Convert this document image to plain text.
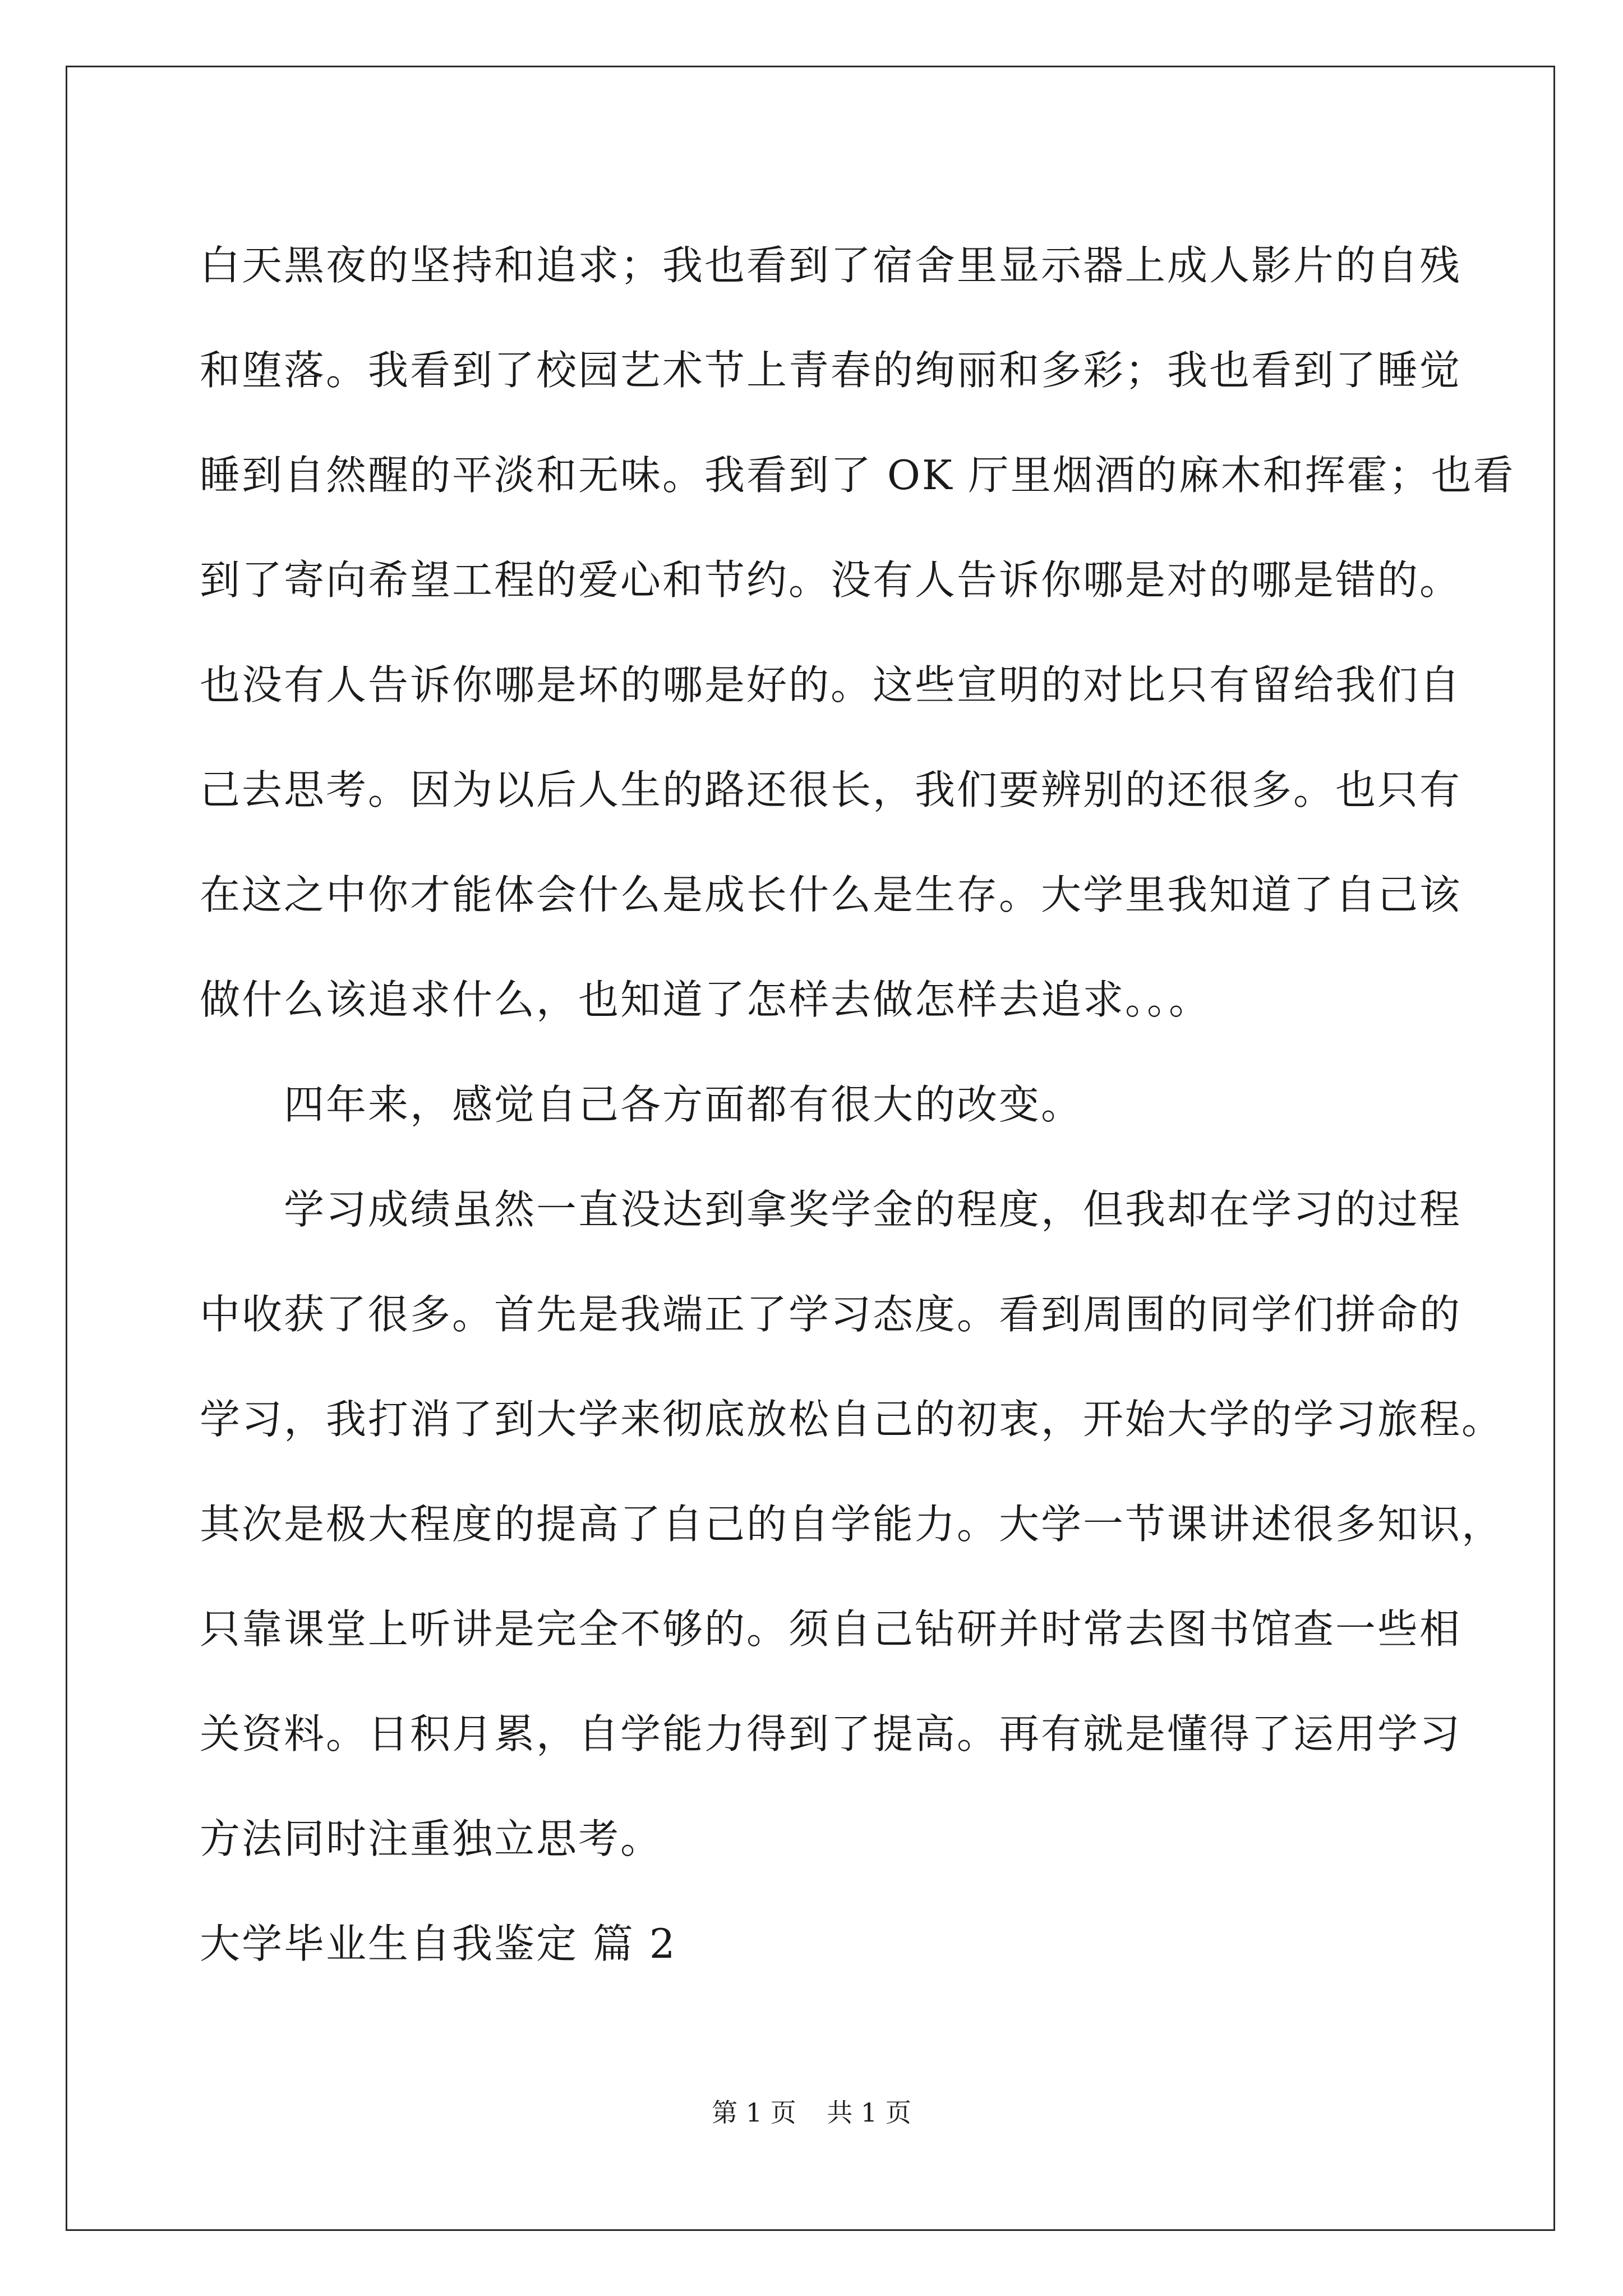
白天黑夜的坚持和追求；我也看到了宿舍里显示器上成人影片的自残
和堕落。我看到了校园艺术节上青春的绚丽和多彩；我也看到了睡觉
睡到自然醒的平淡和无味。我看到了 OK 厅里烟酒的麻木和挥霍；也看
到了寄向希望工程的爱心和节约。没有人告诉你哪是对的哪是错的。
也没有人告诉你哪是坏的哪是好的。这些宣明的对比只有留给我们自
己去思考。因为以后人生的路还很长，我们要辨别的还很多。也只有
在这之中你才能体会什么是成长什么是生存。大学里我知道了自己该
做什么该追求什么，也知道了怎样去做怎样去追求。。。
四年来，感觉自己各方面都有很大的改变。
学习成绩虽然一直没达到拿奖学金的程度，但我却在学习的过程
中收获了很多。首先是我端正了学习态度。看到周围的同学们拼命的
学习，我打消了到大学来彻底放松自己的初衷，开始大学的学习旅程。
其次是极大程度的提高了自己的自学能力。大学一节课讲述很多知识，
只靠课堂上听讲是完全不够的。须自己钻研并时常去图书馆查一些相
关资料。日积月累，自学能力得到了提高。再有就是懂得了运用学习
方法同时注重独立思考。
大学毕业生自我鉴定 篇 2
第 1 页 共 1 页
